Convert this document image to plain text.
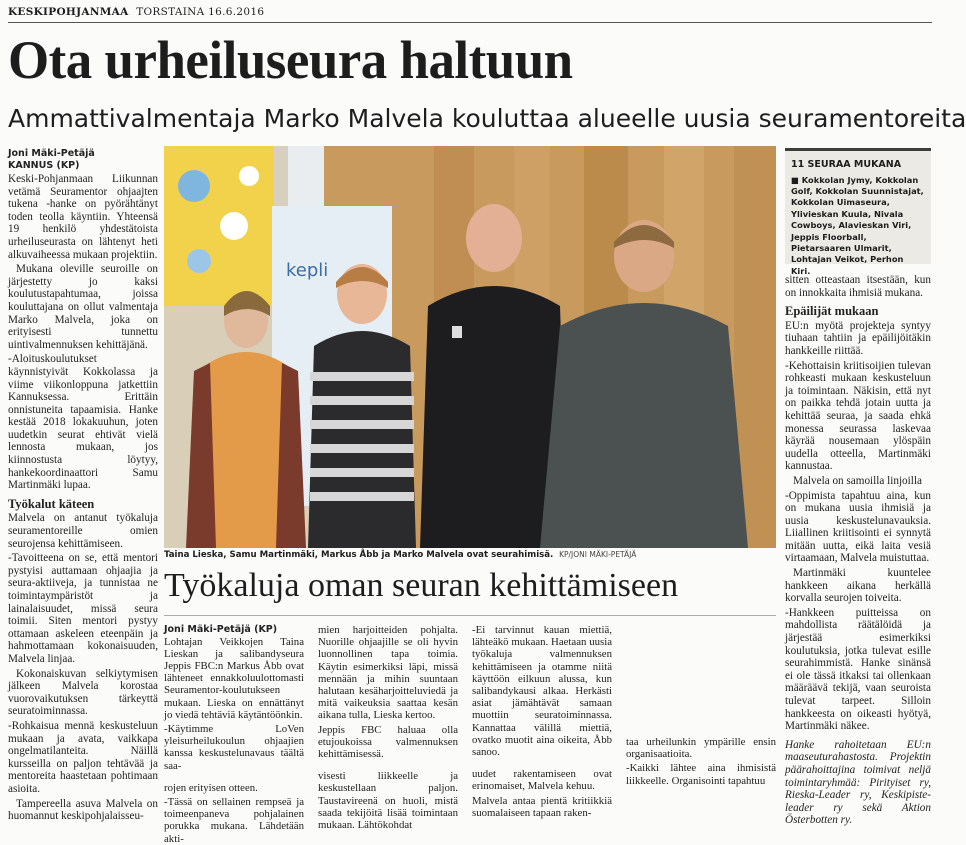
KESKIPOHJANMAA TORSTAINA 16.6.2016
Ota urheiluseura haltuun
Ammattivalmentaja Marko Malvela kouluttaa alueelle uusia seuramentoreita
Joni Mäki-Petäjä
KANNUS (KP)

Keski-Pohjanmaan Liikunnan vetämä Seuramentor ohjaajten tukena -hanke on pyörähtänyt toden teolla käyntiin. Yhteensä 19 henkilö yhdestätoista urheiluseurasta on lähtenyt heti alkuvaiheessa mukaan projektiin.

Mukana oleville seuroille on järjestetty jo kaksi koulutustapahtumaa, joissa kouluttajana on ollut valmentaja Marko Malvela, joka on erityisesti tunnettu uintivalmennuksen kehittäjänä.

-Aloituskoulutukset käynnistyivät Kokkolassa ja viime viikonloppuna jatkettiin Kannuksessa. Erittäin onnistuneita tapaamisia. Hanke kestää 2018 lokakuuhun, joten uudetkin seurat ehtivät vielä lennosta mukaan, jos kiinnostusta löytyy, hankekoordinaattori Samu Martinmäki lupaa.

Työkalut käteen

Malvela on antanut työkaluja seuramentoreille omien seurojensa kehittämiseen.

-Tavoitteena on se, että mentori pystyisi auttamaan ohjaajia ja seura-aktiiveja, ja tunnistaa ne toimintaympäristöt ja lainalaisuudet, missä seura toimii. Siten mentori pystyy ottamaan askeleen eteenpäin ja hahmottamaan kokonaisuuden, Malvela linjaa.

Kokonaiskuvan selkiytymisen jälkeen Malvela korostaa vuorovaikutuksen tärkeyttä seuratoiminnassa.

-Rohkaisua mennä keskusteluun mukaan ja avata, vaikkapa ongelmatilanteita. Näillä kursseilla on paljon tehtävää ja mentoreita haastetaan pohtimaan asioita.

Tampereella asuva Malvela on huomannut keskipohjalaisseu-

kepli
Taina Lieska, Samu Martinmäki, Markus Åbb ja Marko Malvela ovat seurahimisä. KP/JONI MÄKI-PETÄJÄ
11 SEURAA MUKANA
■ Kokkolan Jymy, Kokkolan Golf, Kokkolan Suunnistajat, Kokkolan Uimaseura, Ylivieskan Kuula, Nivala Cowboys, Alavieskan Viri, Jeppis Floorball, Pietarsaaren Ulmarit, Lohtajan Veikot, Perhon Kiri.

sitten otteastaan itsestään, kun on innokkaita ihmisiä mukana.

Epäilijät mukaan

EU:n myötä projekteja syntyy tiuhaan tahtiin ja epäilijöitäkin hankkeille riittää.

-Kehottaisin kriitisoijien tulevan rohkeasti mukaan keskusteluun ja toimintaan. Näkisin, että nyt on paikka tehdä jotain uutta ja kehittää seuraa, ja saada ehkä monessa seurassa laskevaa käyrää nousemaan ylöspäin uudella otteella, Martinmäki kannustaa.

Malvela on samoilla linjoilla

-Oppimista tapahtuu aina, kun on mukana uusia ihmisiä ja uusia keskustelunavauksia. Liiallinen kriitisointi ei synnytä mitään uutta, eikä laita vesiä virtaamaan, Malvela muistuttaa.

Martinmäki kuuntelee hankkeen aikana herkällä korvalla seurojen toiveita.

-Hankkeen puitteissa on mahdollista räätälöidä ja järjestää esimerkiksi koulutuksia, jotka tulevat esille seurahimmistä. Hanke sinänsä ei ole tässä itkaksi tai ollenkaan määräävä tekijä, vaan seuroista tulevat tarpeet. Silloin hankkeesta on oikeasti hyötyä, Martinmäki näkee.

Hanke rahoitetaan EU:n maaseuturahastosta. Projektin päärahoittajina toimivat neljä toimintaryhmää: Pirityiset ry, Rieska-Leader ry, Keskipiste-leader ry sekä Aktion Österbotten ry.

Työkaluja oman seuran kehittämiseen
Joni Mäki-Petäjä (KP)

Lohtajan Veikkojen Taina Lieskan ja salibandyseura Jeppis FBC:n Markus Åbb ovat lähteneet ennakkoluulottomasti Seuramentor-koulutukseen mukaan. Lieska on ennättänyt jo viedä tehtäviä käytäntöönkin.

-Käytimme LoVen yleisurheilukoulun ohjaajien kanssa keskustelunavaus täältä saa-

rojen erityisen otteen.

-Tässä on sellainen rempseä ja toimeenpaneva pohjalainen porukka mukana. Lähdetään akti-

mien harjoitteiden pohjalta. Nuorille ohjaajille se oli hyvin luonnollinen tapa toimia. Käytin esimerkiksi läpi, missä mennään ja mihin suuntaan halutaan kesäharjoitteluviedä ja mitä vaikeuksia saattaa kesän aikana tulla, Lieska kertoo.

Jeppis FBC haluaa olla etujoukoissa valmennuksen kehittämisessä.

visesti liikkeelle ja keskustellaan paljon. Taustavireenä on huoli, mistä saada tekijöitä lisää toimintaan mukaan. Lähtökohdat

-Ei tarvinnut kauan miettiä, lähteäkö mukaan. Haetaan uusia työkaluja valmennuksen kehittämiseen ja otamme niitä käyttöön eilkuun alussa, kun salibandykausi alkaa. Herkästi asiat jämähtävät samaan muottiin seuratoiminnassa. Kannattaa välillä miettiä, ovatko muotit aina oikeita, Åbb sanoo.

uudet rakentamiseen ovat erinomaiset, Malvela kehuu.

Malvela antaa pientä kritiikkiä suomalaiseen tapaan raken-

taa urheilunkin ympärille ensin organisaatioita.

-Kaikki lähtee aina ihmisistä liikkeelle. Organisointi tapahtuu
